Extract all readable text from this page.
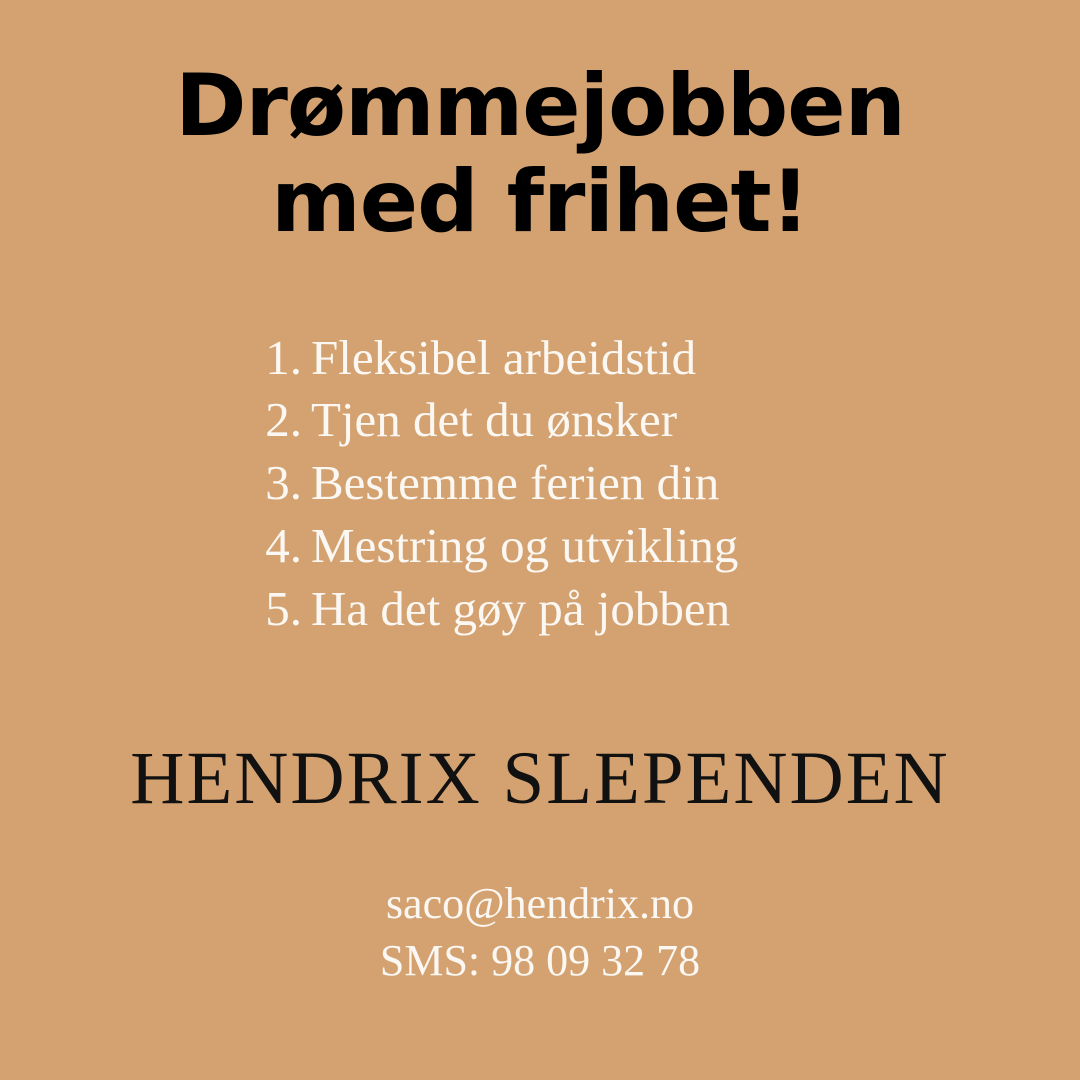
Drømmejobben
med frihet!
1. Fleksibel arbeidstid
2. Tjen det du ønsker
3. Bestemme ferien din
4. Mestring og utvikling
5. Ha det gøy på jobben
HENDRIX SLEPENDEN
saco@hendrix.no
SMS: 98 09 32 78
